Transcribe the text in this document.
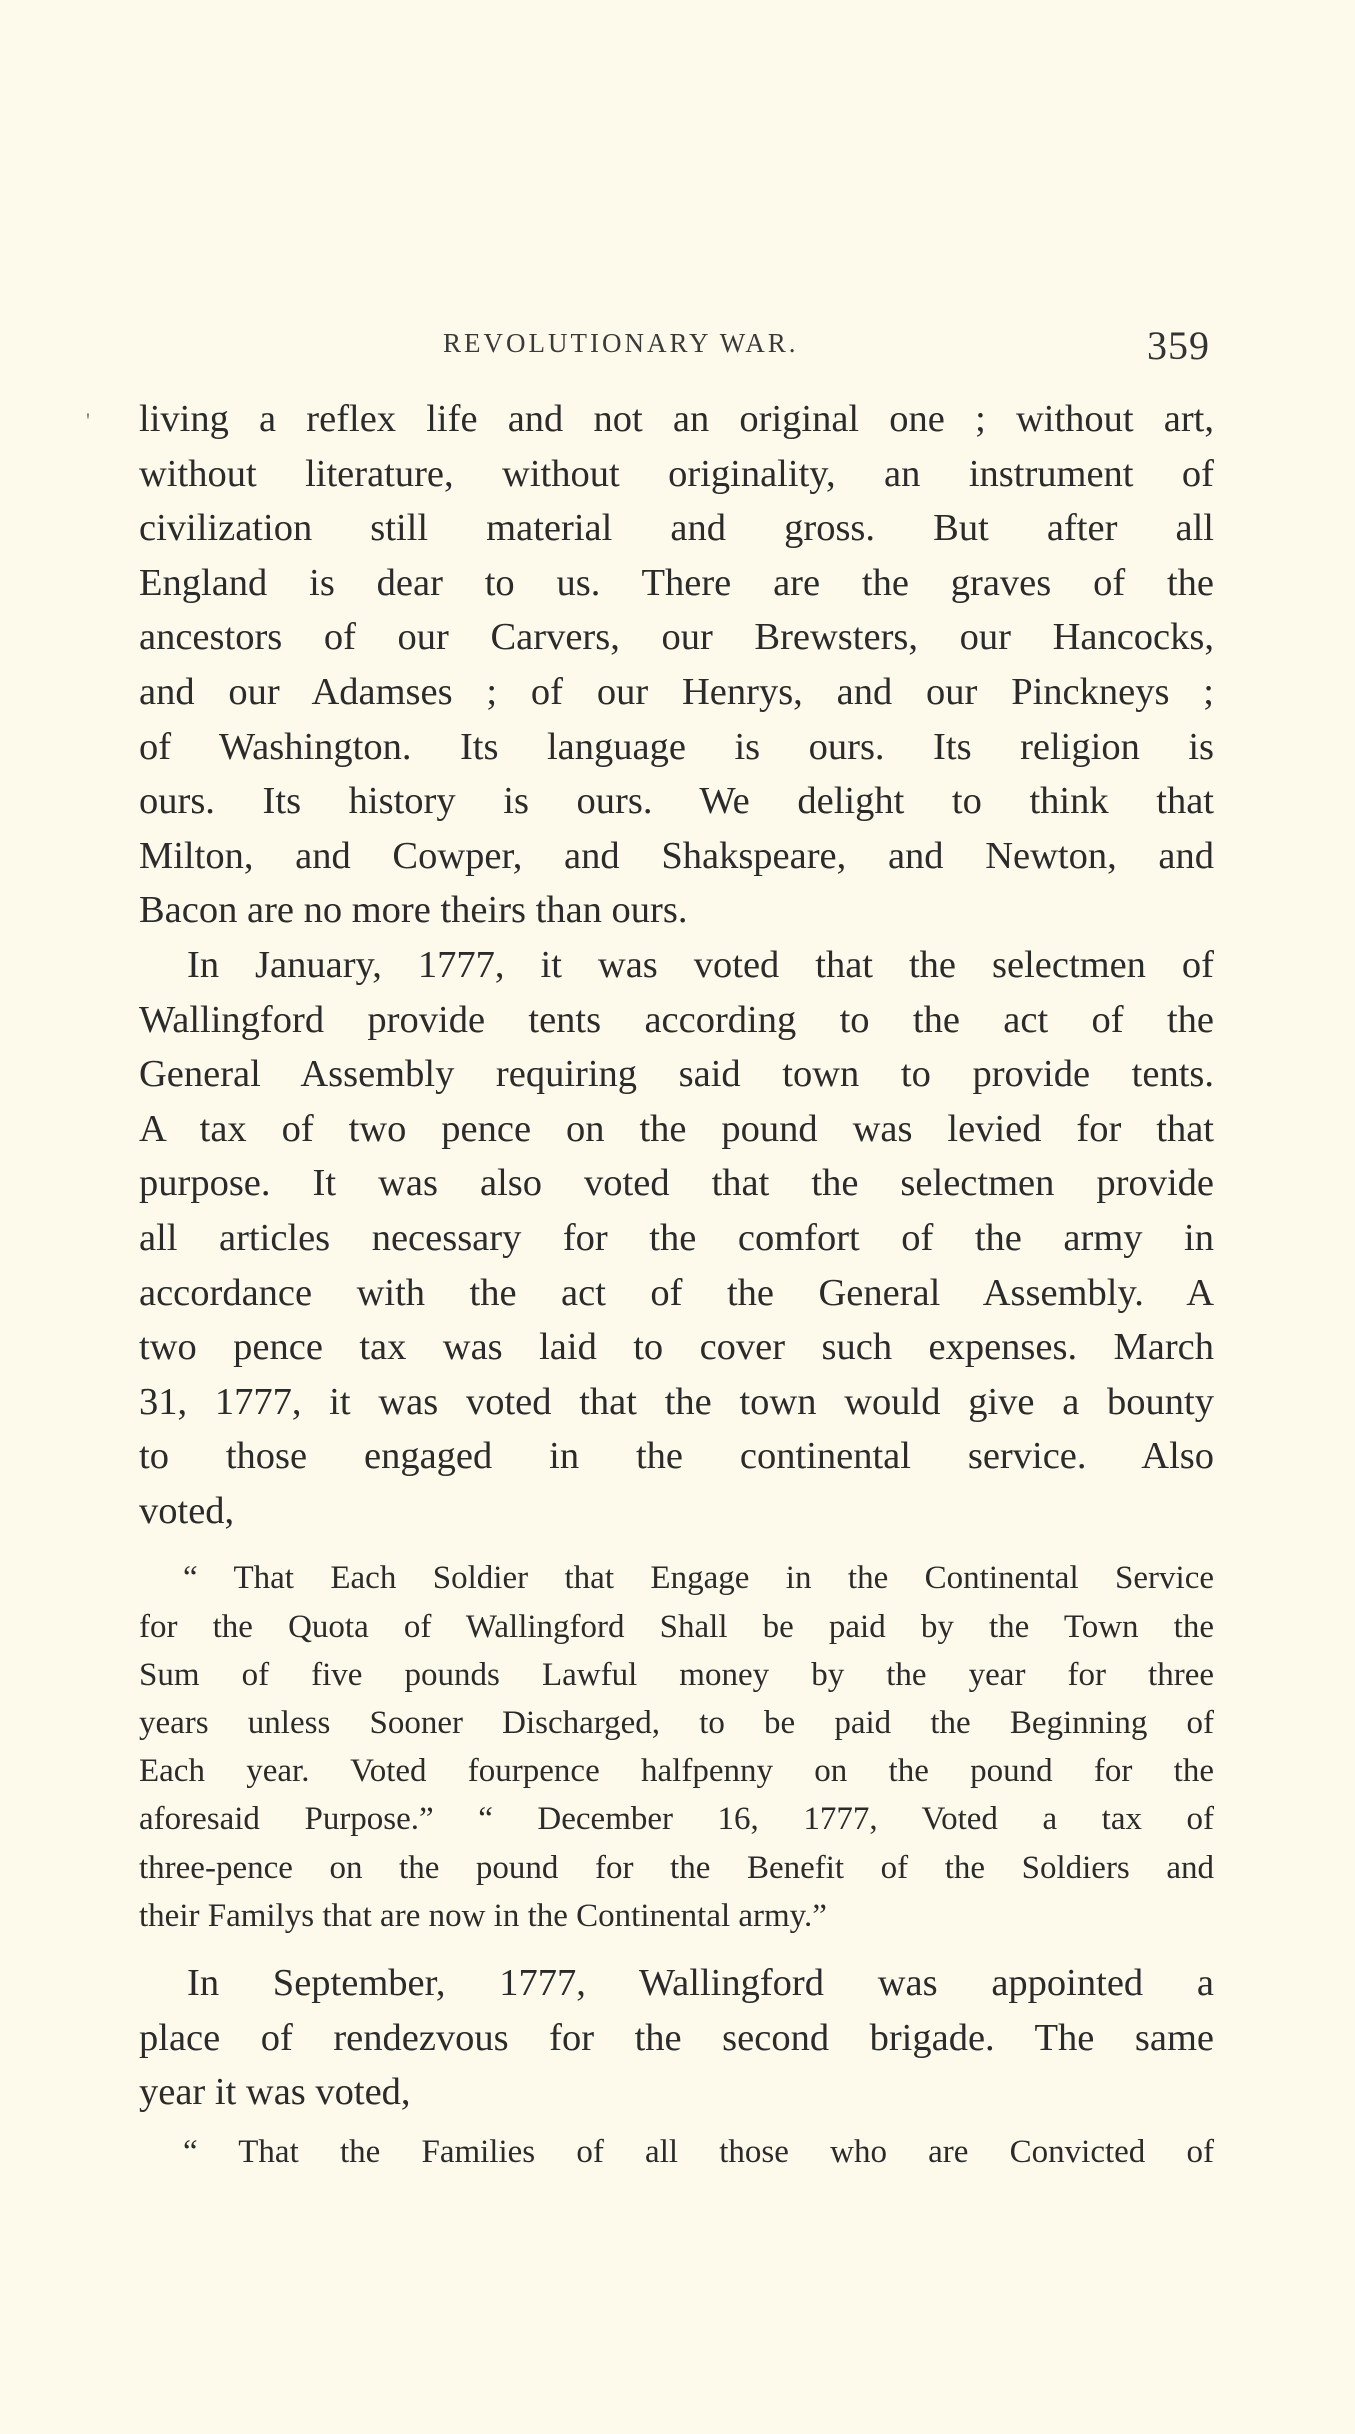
REVOLUTIONARY WAR.	359
' living a reflex life and not an original one ; without art,
without literature, without originality, an instrument of
civilization still material and gross. But after all
England is dear to us. There are the graves of the
ancestors of our Carvers, our Brewsters, our Hancocks,
and our Adamses ; of our Henrys, and our Pinckneys ;
of Washington. Its language is ours. Its religion is
ours. Its history is ours. We delight to think that
Milton, and Cowper, and Shakspeare, and Newton, and
Bacon are no more theirs than ours.

In January, 1777, it was voted that the selectmen of
Wallingford provide tents according to the act of the
General Assembly requiring said town to provide tents.
A tax of two pence on the pound was levied for that
purpose. It was also voted that the selectmen provide
all articles necessary for the comfort of the army in
accordance with the act of the General Assembly. A
two pence tax was laid to cover such expenses. March
31, 1777, it was voted that the town would give a bounty
to those engaged in the continental service. Also
voted,

“ That Each Soldier that Engage in the Continental Service
for the Quota of Wallingford Shall be paid by the Town the
Sum of five pounds Lawful money by the year for three
years unless Sooner Discharged, to be paid the Beginning of
Each year. Voted fourpence halfpenny on the pound for the
aforesaid Purpose.” “ December 16, 1777, Voted a tax of
three-pence on the pound for the Benefit of the Soldiers and
their Familys that are now in the Continental army.”

In September, 1777, Wallingford was appointed a
place of rendezvous for the second brigade. The same
year it was voted,

“ That the Families of all those who are Convicted of
